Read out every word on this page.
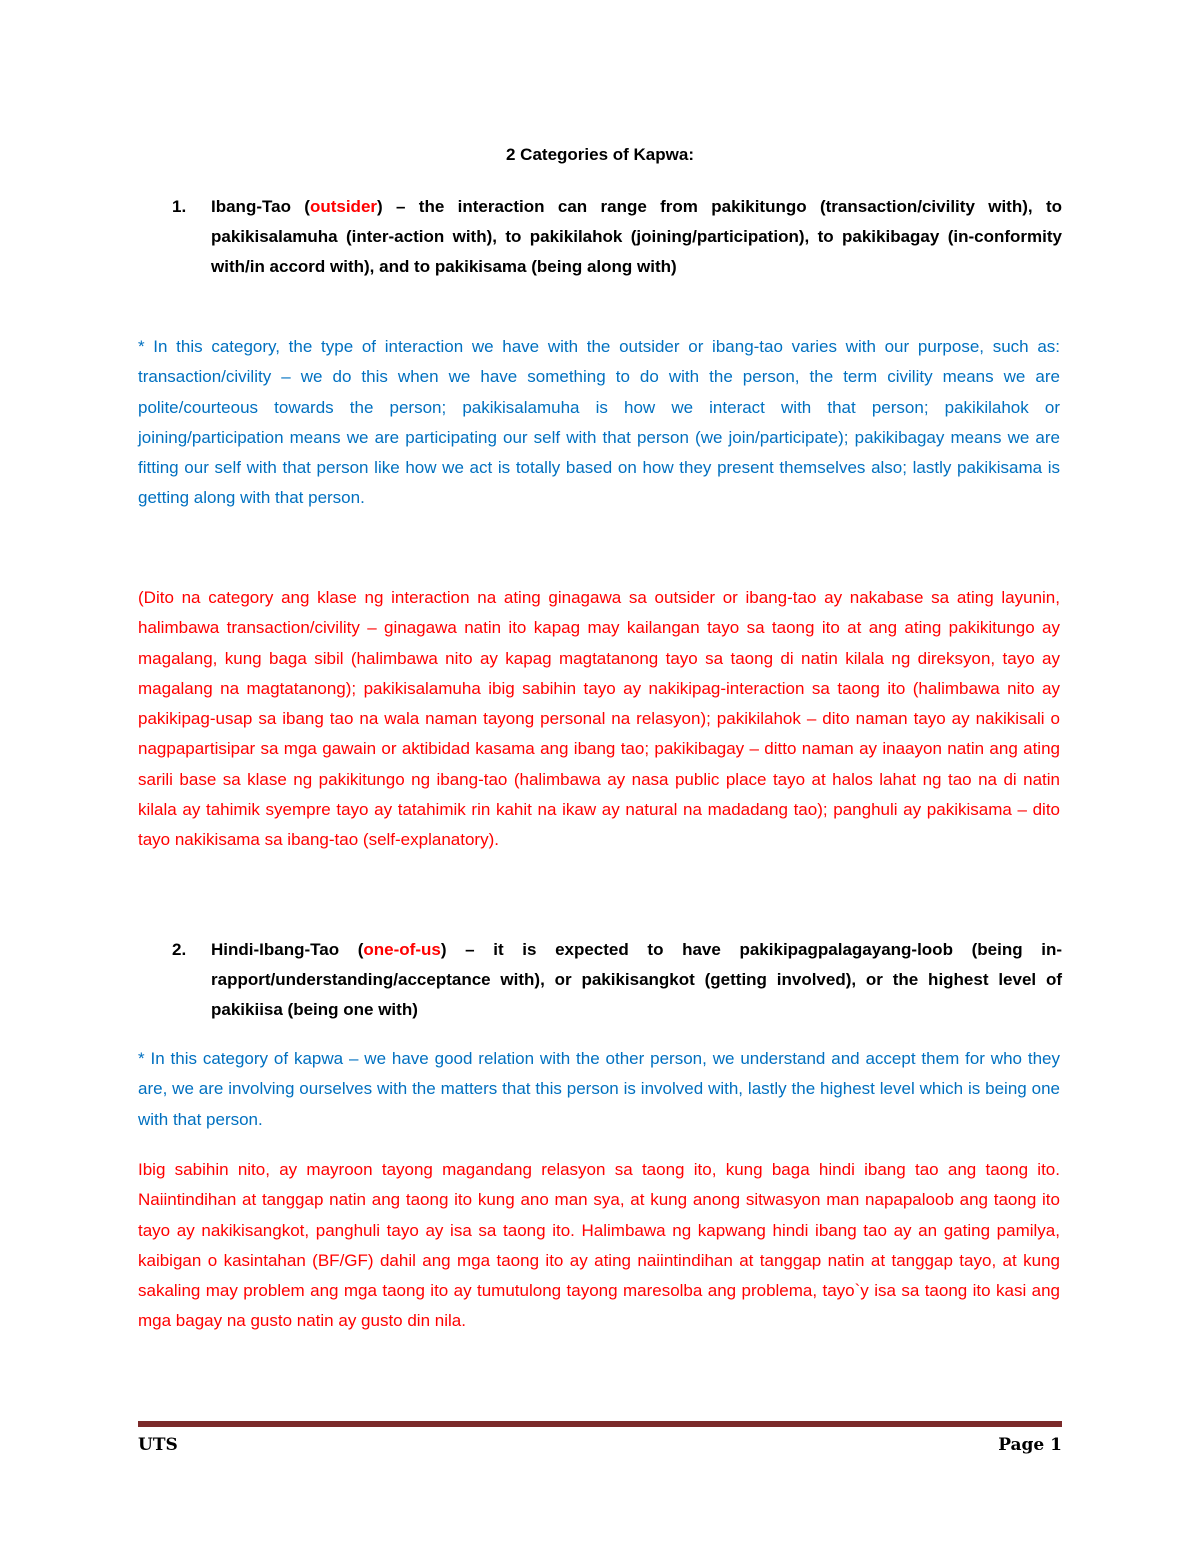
2 Categories of Kapwa:
1.	Ibang-Tao (outsider) – the interaction can range from pakikitungo (transaction/civility with), to pakikisalamuha (inter-action with), to pakikilahok (joining/participation), to pakikibagay (in-conformity with/in accord with), and to pakikisama (being along with)
* In this category, the type of interaction we have with the outsider or ibang-tao varies with our purpose, such as: transaction/civility – we do this when we have something to do with the person, the term civility means we are polite/courteous towards the person; pakikisalamuha is how we interact with that person; pakikilahok or joining/participation means we are participating our self with that person (we join/participate); pakikibagay means we are fitting our self with that person like how we act is totally based on how they present themselves also; lastly pakikisama is getting along with that person.
(Dito na category ang klase ng interaction na ating ginagawa sa outsider or ibang-tao ay nakabase sa ating layunin, halimbawa transaction/civility – ginagawa natin ito kapag may kailangan tayo sa taong ito at ang ating pakikitungo ay magalang, kung baga sibil (halimbawa nito ay kapag magtatanong tayo sa taong di natin kilala ng direksyon, tayo ay magalang na magtatanong); pakikisalamuha ibig sabihin tayo ay nakikipag-interaction sa taong ito (halimbawa nito ay pakikipag-usap sa ibang tao na wala naman tayong personal na relasyon); pakikilahok – dito naman tayo ay nakikisali o nagpapartisipar sa mga gawain or aktibidad kasama ang ibang tao; pakikibagay – ditto naman ay inaayon natin ang ating sarili base sa klase ng pakikitungo ng ibang-tao (halimbawa ay nasa public place tayo at halos lahat ng tao na di natin kilala ay tahimik syempre tayo ay tatahimik rin kahit na ikaw ay natural na madadang tao); panghuli ay pakikisama – dito tayo nakikisama sa ibang-tao (self-explanatory).
2.	Hindi-Ibang-Tao (one-of-us) – it is expected to have pakikipagpalagayang-loob (being in-rapport/understanding/acceptance with), or pakikisangkot (getting involved), or the highest level of pakikiisa (being one with)
* In this category of kapwa – we have good relation with the other person, we understand and accept them for who they are, we are involving ourselves with the matters that this person is involved with, lastly the highest level which is being one with that person.
Ibig sabihin nito, ay mayroon tayong magandang relasyon sa taong ito, kung baga hindi ibang tao ang taong ito. Naiintindihan at tanggap natin ang taong ito kung ano man sya, at kung anong sitwasyon man napapaloob ang taong ito tayo ay nakikisangkot, panghuli tayo ay isa sa taong ito. Halimbawa ng kapwang hindi ibang tao ay an gating pamilya, kaibigan o kasintahan (BF/GF) dahil ang mga taong ito ay ating naiintindihan at tanggap natin at tanggap tayo, at kung sakaling may problem ang mga taong ito ay tumutulong tayong maresolba ang problema, tayo`y isa sa taong ito kasi ang mga bagay na gusto natin ay gusto din nila.
UTS	Page 1
